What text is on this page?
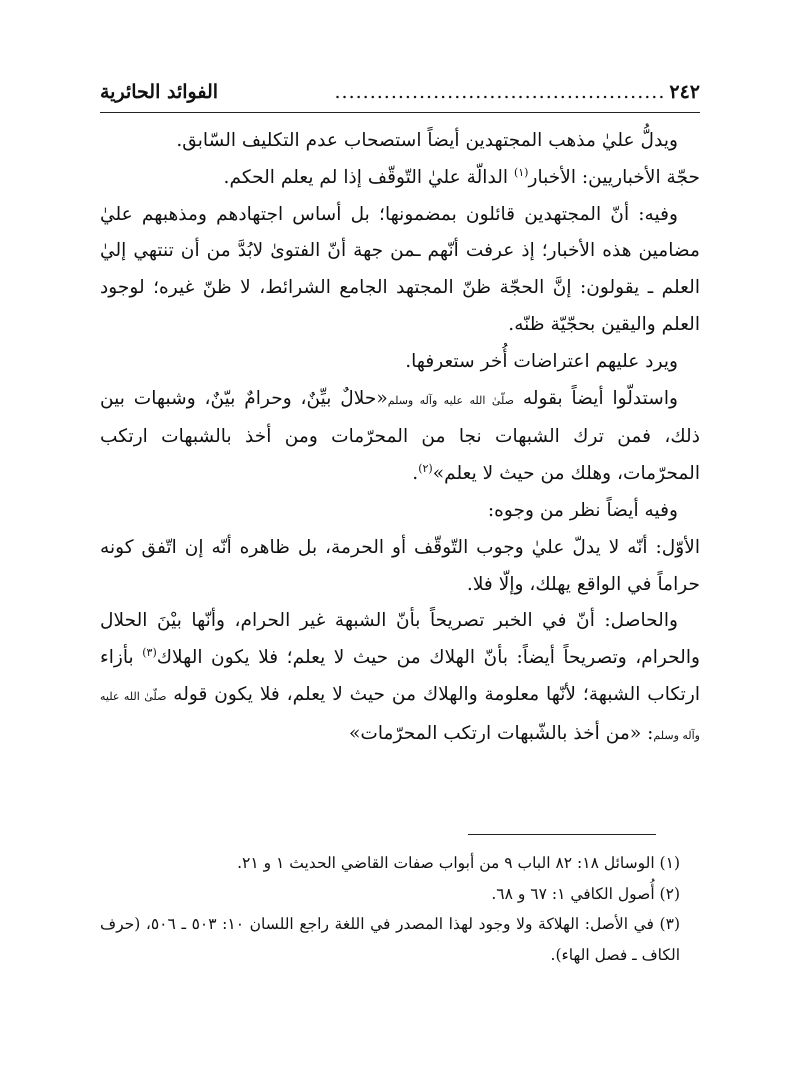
٢٤٢
...............................................
الفوائد الحائرية

ويدلُّ عليٰ مذهب المجتهدين أيضاً استصحاب عدم التكليف السّابق.

حجّة الأخباريين: الأخبار$^{(١)}$ الدالّة عليٰ التّوقّف إذا لم يعلم الحكم.

وفيه: أنّ المجتهدين قائلون بمضمونها؛ بل أساس اجتهادهم ومذهبهم عليٰ مضامين هذه الأخبار؛ إذ عرفت أنّهم ـمن جهة أنّ الفتوىٰ لابُدَّ من أن تنتهي إليٰ العلم ـ يقولون: إنَّ الحجّة ظنّ المجتهد الجامع الشرائط، لا ظنّ غيره؛ لوجود العلم واليقين بحجّيّة ظنّه.

ويرد عليهم اعتراضات أُخر ستعرفها.

واستدلّوا أيضاً بقوله صلّىٰ الله عليه وآله وسلم«حلالٌ بيِّنٌ، وحرامٌ بيّنٌ، وشبهات بين ذلك، فمن ترك الشبهات نجا من المحرّمات ومن أخذ بالشبهات ارتكب المحرّمات، وهلك من حيث لا يعلم»$^{(٢)}$.

وفيه أيضاً نظر من وجوه:

الأوّل: أنّه لا يدلّ عليٰ وجوب التّوقّف أو الحرمة، بل ظاهره أنّه إن اتّفق كونه حراماً في الواقع يهلك، وإلّا فلا.

والحاصل: أنّ في الخبر تصريحاً بأنّ الشبهة غير الحرام، وأنّها بيْنَ الحلال والحرام، وتصريحاً أيضاً: بأنّ الهلاك من حيث لا يعلم؛ فلا يكون الهلاك$^{(٣)}$ بأزاء ارتكاب الشبهة؛ لأنّها معلومة والهلاك من حيث لا يعلم، فلا يكون قوله صلّىٰ الله عليه وآله وسلم: «من أخذ بالشّبهات ارتكب المحرّمات»

(١) الوسائل ١٨: ٨٢ الباب ٩ من أبواب صفات القاضي الحديث ١ و ٢١.

(٢) أُصول الكافي ١: ٦٧ و ٦٨.

(٣) في الأصل: الهلاكة ولا وجود لهذا المصدر في اللغة راجع اللسان ١٠: ٥٠٣ ـ ٥٠٦، (حرف الكاف ـ فصل الهاء).
